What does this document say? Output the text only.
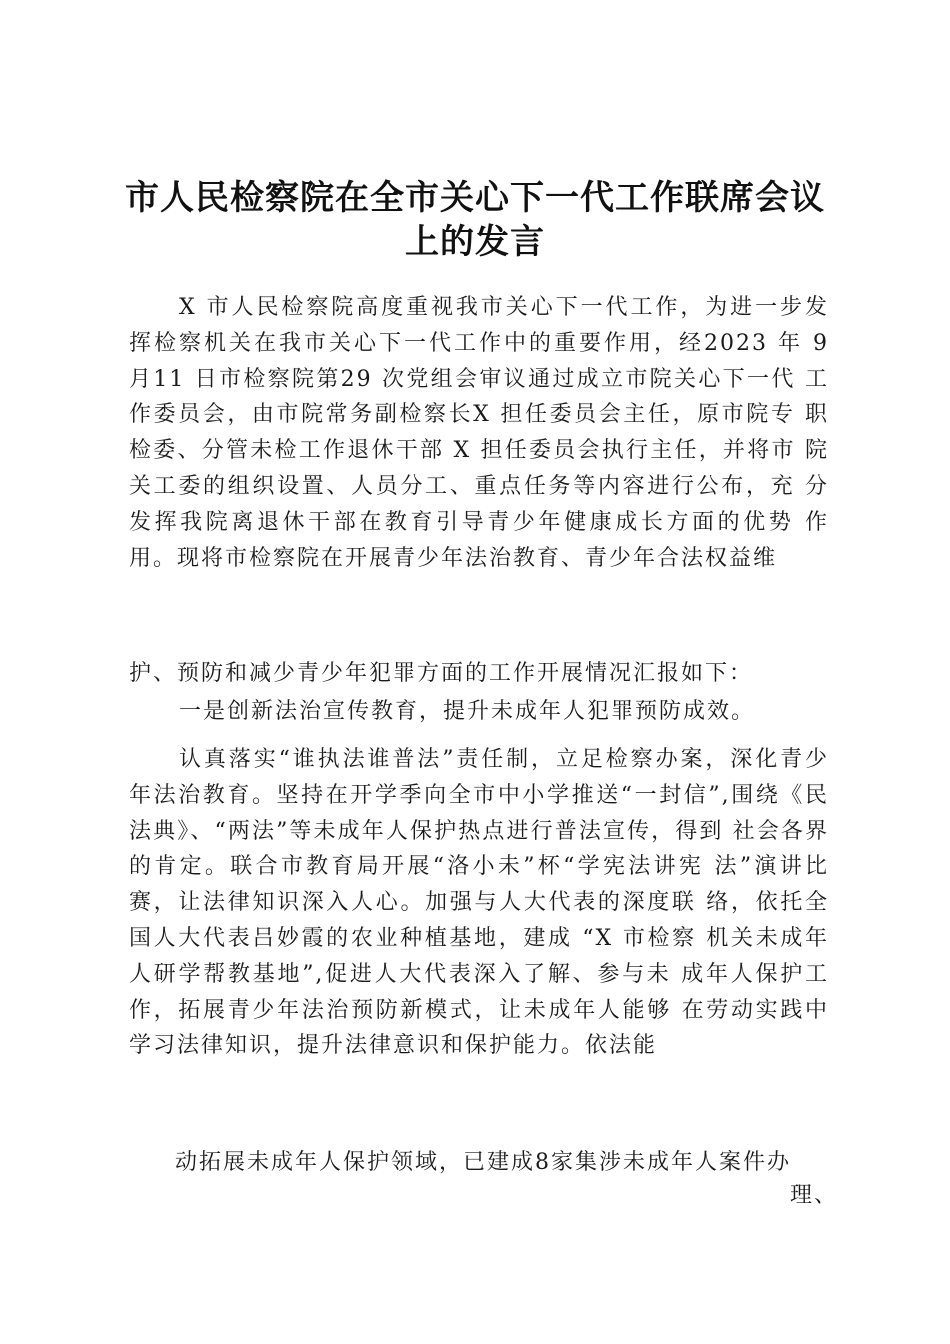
市人民检察院在全市关心下一代工作联席会议
上的发言

X 市人民检察院高度重视我市关心下一代工作，为进一步发 挥检察机关在我市关心下一代工作中的重要作用，经2023 年 9 月11 日市检察院第29 次党组会审议通过成立市院关心下一代 工作委员会，由市院常务副检察长X 担任委员会主任，原市院专 职检委、分管未检工作退休干部 X 担任委员会执行主任，并将市 院关工委的组织设置、人员分工、重点任务等内容进行公布，充 分发挥我院离退休干部在教育引导青少年健康成长方面的优势 作用。现将市检察院在开展青少年法治教育、青少年合法权益维

护、预防和减少青少年犯罪方面的工作开展情况汇报如下：

一是创新法治宣传教育，提升未成年人犯罪预防成效。

认真落实“谁执法谁普法”责任制，立足检察办案，深化青少年法治教育。坚持在开学季向全市中小学推送“一封信”,围绕《民法典》、“两法”等未成年人保护热点进行普法宣传，得到 社会各界的肯定。联合市教育局开展“洛小未”杯“学宪法讲宪 法”演讲比赛，让法律知识深入人心。加强与人大代表的深度联 络，依托全国人大代表吕妙霞的农业种植基地，建成 “X 市检察 机关未成年人研学帮教基地”,促进人大代表深入了解、参与未 成年人保护工作，拓展青少年法治预防新模式，让未成年人能够 在劳动实践中学习法律知识，提升法律意识和保护能力。依法能

动拓展未成年人保护领域，已建成8家集涉未成年人案件办

理、
